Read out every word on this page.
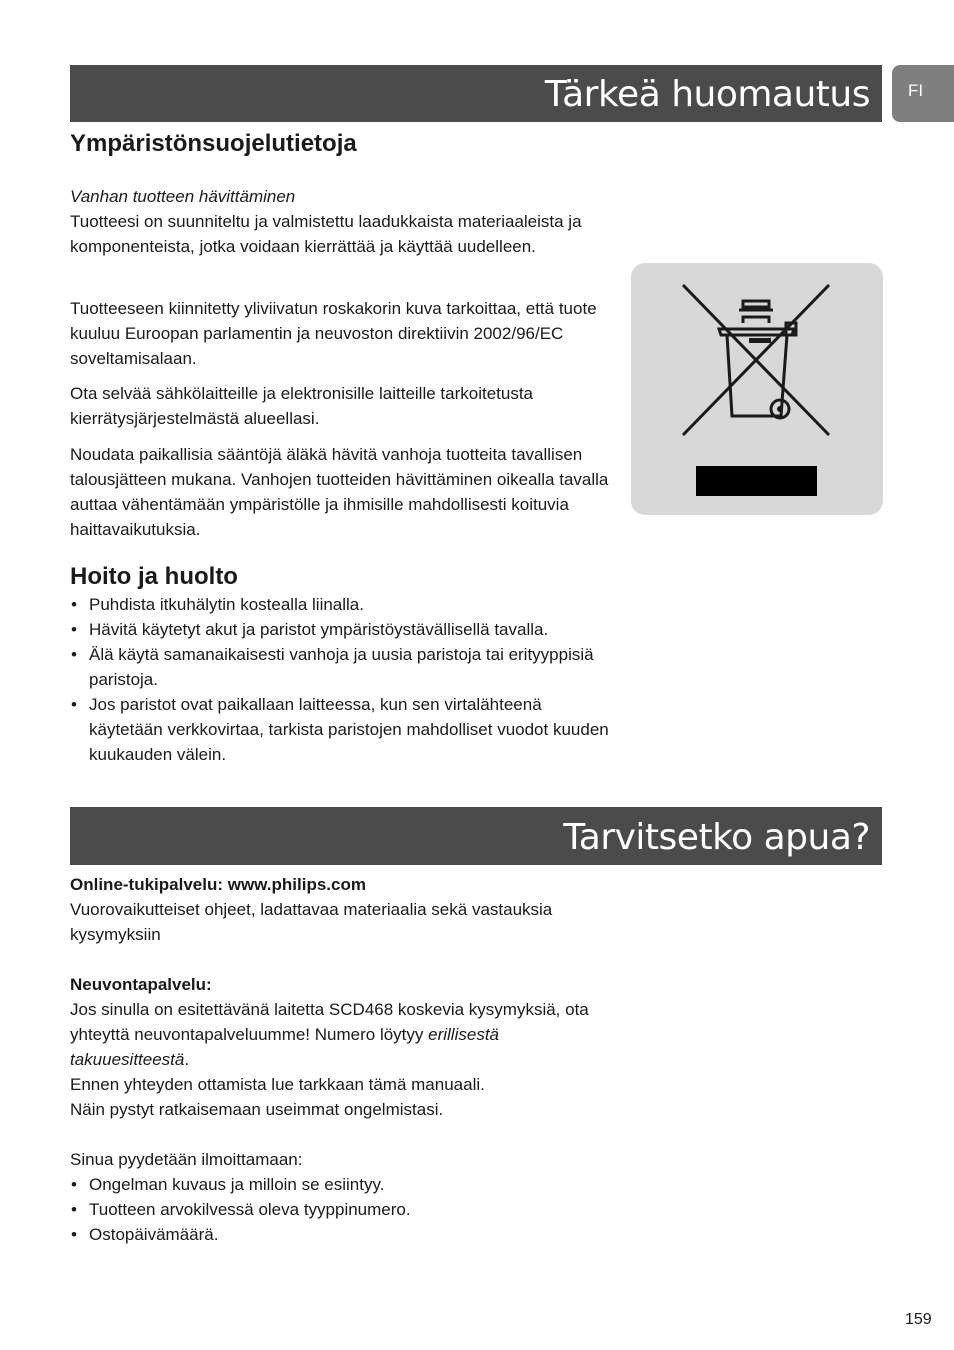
Tärkeä huomautus	FI
Ympäristönsuojelutietoja

Vanhan tuotteen hävittäminen

Tuotteesi on suunniteltu ja valmistettu laadukkaista materiaaleista ja komponenteista, jotka voidaan kierrättää ja käyttää uudelleen.

Tuotteeseen kiinnitetty yliviivatun roskakorin kuva tarkoittaa, että tuote kuuluu Euroopan parlamentin ja neuvoston direktiivin 2002/96/EC soveltamisalaan.

Ota selvää sähkölaitteille ja elektronisille laitteille tarkoitetusta kierrätysjärjestelmästä alueellasi.

Noudata paikallisia sääntöjä äläkä hävitä vanhoja tuotteita tavallisen talousjätteen mukana. Vanhojen tuotteiden hävittäminen oikealla tavalla auttaa vähentämään ympäristölle ja ihmisille mahdollisesti koituvia haittavaikutuksia.

Hoito ja huolto
• Puhdista itkuhälytin kostealla liinalla.
• Hävitä käytetyt akut ja paristot ympäristöystävällisellä tavalla.
• Älä käytä samanaikaisesti vanhoja ja uusia paristoja tai erityyppisiä paristoja.
• Jos paristot ovat paikallaan laitteessa, kun sen virtalähteenä käytetään verkkovirtaa, tarkista paristojen mahdolliset vuodot kuuden kuukauden välein.
Tarvitsetko apua?

Online-tukipalvelu: www.philips.com

Vuorovaikutteiset ohjeet, ladattavaa materiaalia sekä vastauksia kysymyksiin

Neuvontapalvelu:

Jos sinulla on esitettävänä laitetta SCD468 koskevia kysymyksiä, ota yhteyttä neuvontapalveluumme! Numero löytyy erillisestä takuuesitteestä.

Ennen yhteyden ottamista lue tarkkaan tämä manuaali.

Näin pystyt ratkaisemaan useimmat ongelmistasi.

Sinua pyydetään ilmoittamaan:

• Ongelman kuvaus ja milloin se esiintyy.
• Tuotteen arvokilvessä oleva tyyppinumero.
• Ostopäivämäärä.
159
